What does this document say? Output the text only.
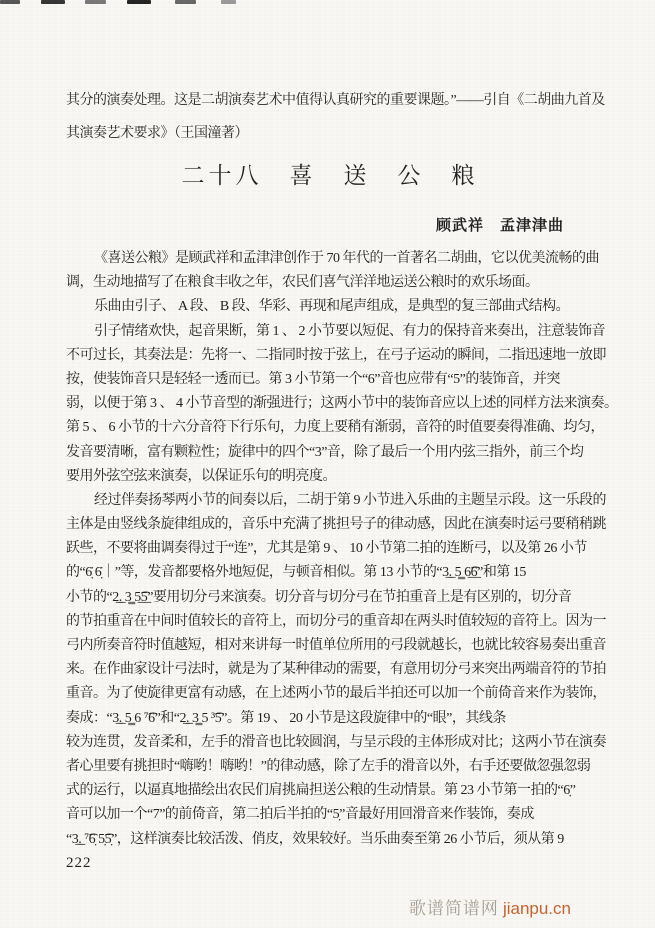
其分的演奏处理。这是二胡演奏艺术中值得认真研究的重要课题。”——引自《二胡曲九首及
其演奏艺术要求》（王国潼著）
二十八　喜　送　公　粮
顾武祥　孟津津曲
《喜送公粮》是顾武祥和孟津津创作于 70 年代的一首著名二胡曲，它以优美流畅的曲
调，生动地描写了在粮食丰收之年，农民们喜气洋洋地运送公粮时的欢乐场面。
乐曲由引子、 A 段、 B 段、华彩、再现和尾声组成，是典型的复三部曲式结构。
引子情绪欢快，起音果断，第 1 、 2 小节要以短促、有力的保持音来奏出，注意装饰音
不可过长，其奏法是：先将一、二指同时按于弦上，在弓子运动的瞬间，二指迅速地一放即
按，使装饰音只是轻轻一透而已。第 3 小节第一个“6”音也应带有“5”的装饰音，并突
弱，以便于第 3 、 4 小节音型的渐强进行；这两小节中的装饰音应以上述的同样方法来演奏。
第 5 、 6 小节的十六分音符下行乐句，力度上要稍有渐弱，音符的时值要奏得准确、均匀，
发音要清晰，富有颗粒性；旋律中的四个“3”音，除了最后一个用内弦三指外，前三个均
要用外弦空弦来演奏，以保证乐句的明亮度。
经过伴奏扬琴两小节的间奏以后，二胡于第 9 小节进入乐曲的主题呈示段。这一乐段的
主体是由竖线条旋律组成的，音乐中充满了挑担号子的律动感，因此在演奏时运弓要稍稍跳
跃些，不要将曲调奏得过于“连”，尤其是第 9 、 10 小节第二拍的连断弓，以及第 26 小节
的“6̣̇ 6̣̇｜”等，发音都要格外地短促，与顿音相似。第 13 小节的“3̲.̲ 5̳ 6̲͡6̲”和第 15
小节的“2̲.̲ 3̳ 5̲͡5̲”要用切分弓来演奏。切分音与切分弓在节拍重音上是有区别的，切分音
的节拍重音在中间时值较长的音符上，而切分弓的重音却在两头时值较短的音符上。因为一
弓内所奏音符时值越短，相对来讲每一时值单位所用的弓段就越长，也就比较容易奏出重音
来。在作曲家设计弓法时，就是为了某种律动的需要，有意用切分弓来突出两端音符的节拍
重音。为了使旋律更富有动感，在上述两小节的最后半拍还可以加一个前倚音来作为装饰，
奏成：“3̲.̲ 5̳ 6 ⁷͡6”和“2̲.̲ 3̳ 5 ³͡5”。第 19 、 20 小节是这段旋律中的“眼”，其线条
较为连贯，发音柔和，左手的滑音也比较圆润，与呈示段的主体形成对比；这两小节在演奏
者心里要有挑担时“嗨哟！嗨哟！”的律动感，除了左手的滑音以外，右手还要做忽强忽弱
式的运行，以逼真地描绘出农民们肩挑扁担送公粮的生动情景。第 23 小节第一拍的“6̣”
音可以加一个“7”的前倚音，第二拍后半拍的“5̣”音最好用回滑音来作装饰，奏成
“3̲.̲ ⁷͡6̣ 5̣͡5̣”，这样演奏比较活泼、俏皮，效果较好。当乐曲奏至第 26 小节后，须从第 9
222
歌谱简谱网 jianpu.cn
